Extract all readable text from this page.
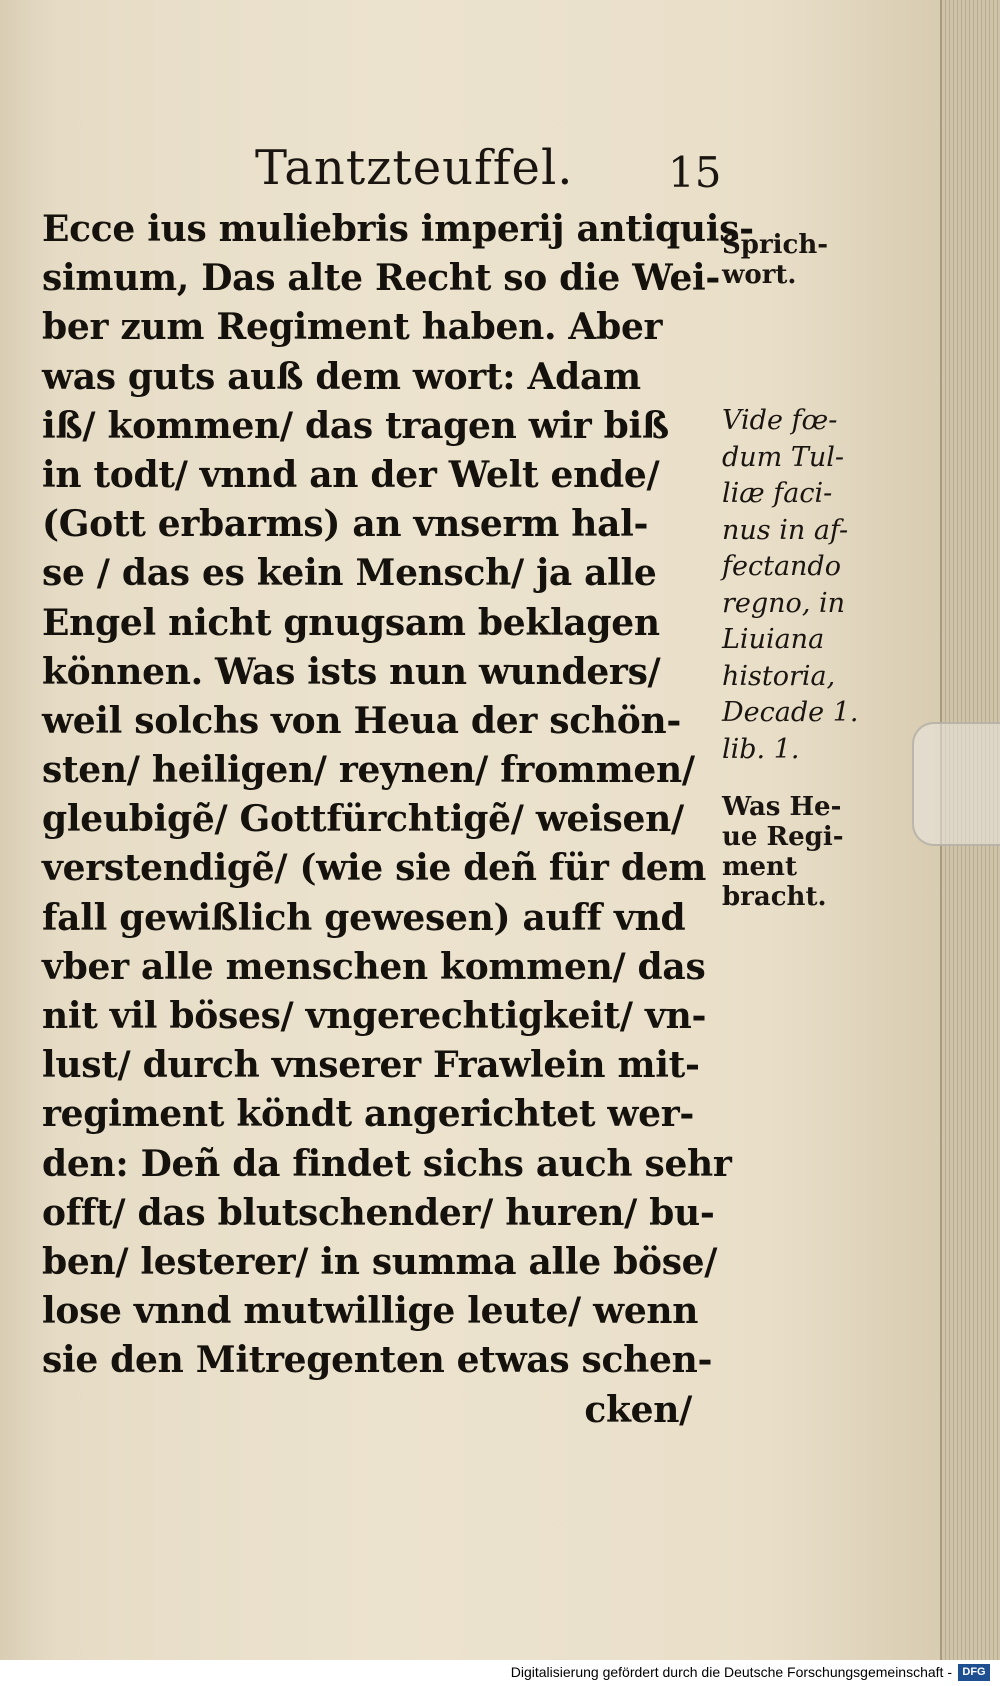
Tantzteuffel. 15
Ecce ius muliebris imperij antiquis-
simum, Das alte Recht so die Wei-
ber zum Regiment haben. Aber
was guts auß dem wort: Adam
iß/ kommen/ das tragen wir biß
in todt/ vnnd an der Welt ende/
(Gott erbarms) an vnserm hal-
se / das es kein Mensch/ ja alle
Engel nicht gnugsam beklagen
können. Was ists nun wunders/
weil solchs von Heua der schön-
sten/ heiligen/ reynen/ frommen/
gleubigẽ/ Gottfürchtigẽ/ weisen/
verstendigẽ/ (wie sie deñ für dem
fall gewißlich gewesen) auff vnd
vber alle menschen kommen/ das
nit vil böses/ vngerechtigkeit/ vn-
lust/ durch vnserer Frawlein mit-
regiment köndt angerichtet wer-
den: Deñ da findet sichs auch sehr
offt/ das blutschender/ huren/ bu-
ben/ lesterer/ in summa alle böse/
lose vnnd mutwillige leute/ wenn
sie den Mitregenten etwas schen-
cken/
Sprich-
wort.
Vide fœ-
dum Tul-
liæ faci-
nus in af-
fectando
regno, in
Liuiana
historia,
Decade 1.
lib. 1.
Was He-
ue Regi-
ment
bracht.
Digitalisierung gefördert durch die Deutsche Forschungsgemeinschaft - DFG
